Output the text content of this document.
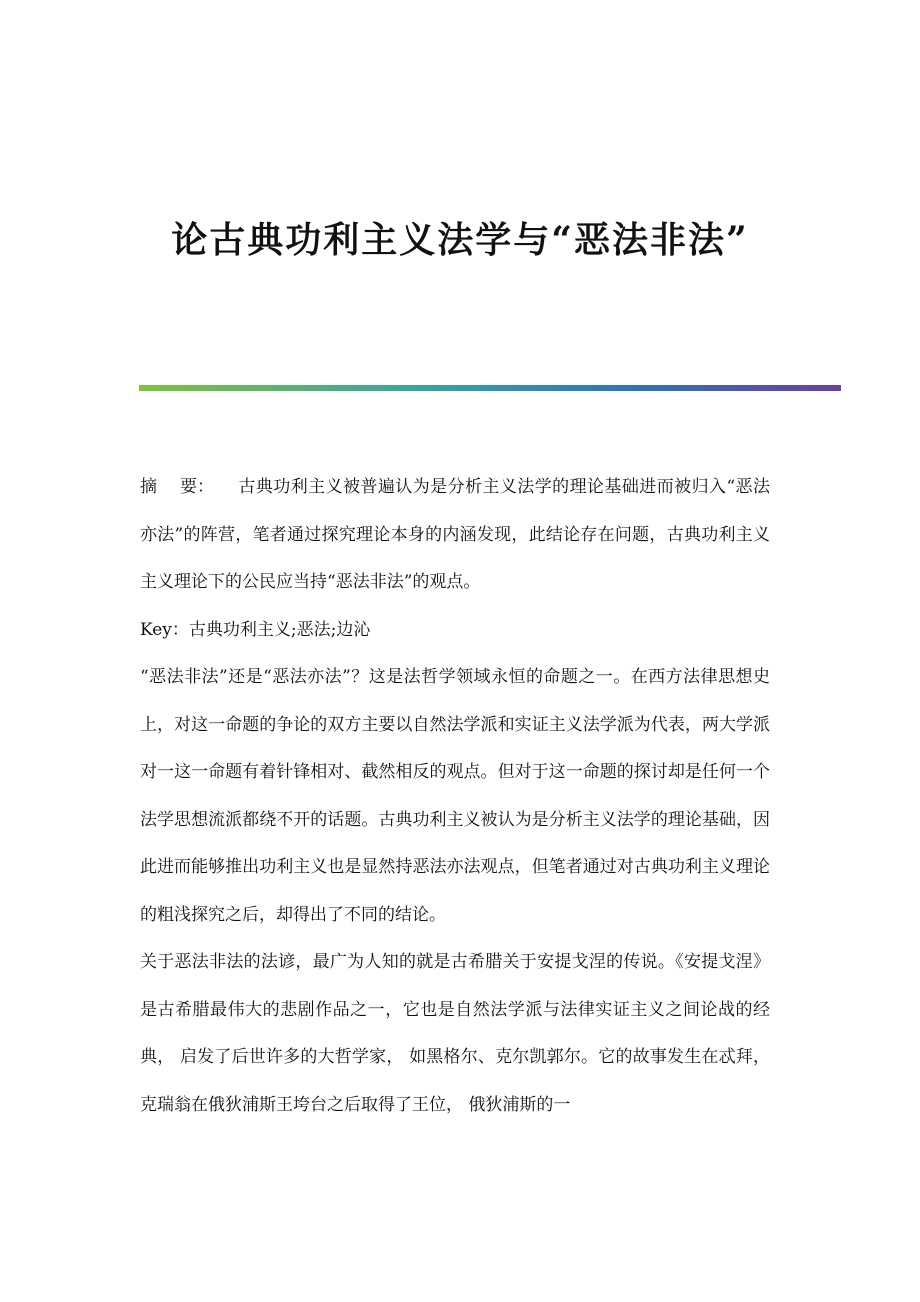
论古典功利主义法学与“恶法非法”

摘 要： 古典功利主义被普遍认为是分析主义法学的理论基础进而被归入“恶法亦法”的阵营，笔者通过探究理论本身的内涵发现，此结论存在问题，古典功利主义主义理论下的公民应当持“恶法非法”的观点。

Key：古典功利主义;恶法;边沁

“恶法非法”还是“恶法亦法”？这是法哲学领域永恒的命题之一。在西方法律思想史上，对这一命题的争论的双方主要以自然法学派和实证主义法学派为代表，两大学派对一这一命题有着针锋相对、截然相反的观点。但对于这一命题的探讨却是任何一个法学思想流派都绕不开的话题。古典功利主义被认为是分析主义法学的理论基础，因此进而能够推出功利主义也是显然持恶法亦法观点，但笔者通过对古典功利主义理论的粗浅探究之后，却得出了不同的结论。

关于恶法非法的法谚，最广为人知的就是古希腊关于安提戈涅的传说。《安提戈涅》是古希腊最伟大的悲剧作品之一，它也是自然法学派与法律实证主义之间论战的经典， 启发了后世许多的大哲学家， 如黑格尔、克尔凯郭尔。它的故事发生在忒拜， 克瑞翁在俄狄浦斯王垮台之后取得了王位， 俄狄浦斯的一
